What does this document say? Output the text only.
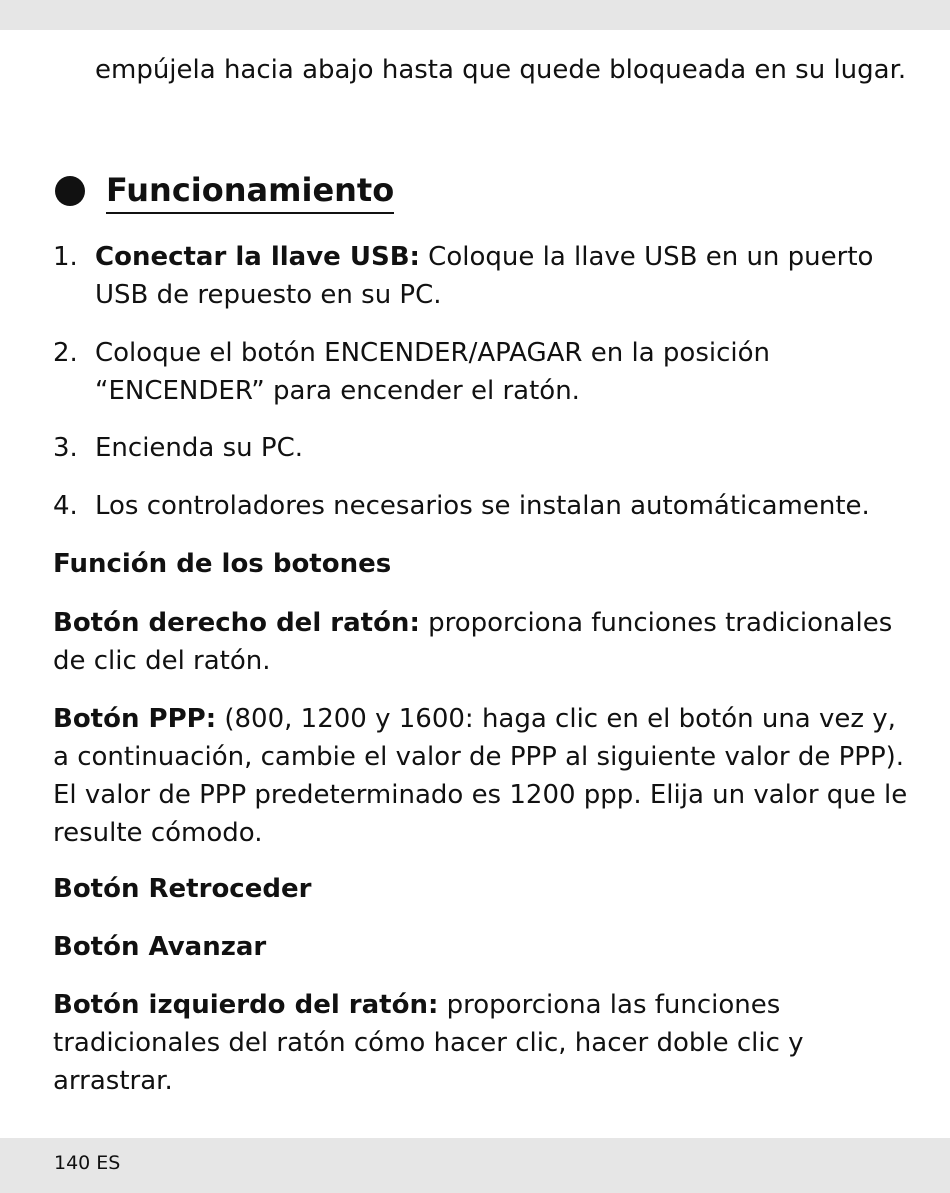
empújela hacia abajo hasta que quede bloqueada en su lugar.

Funcionamiento
1. Conectar la llave USB: Coloque la llave USB en un puerto USB de repuesto en su PC.
2. Coloque el botón ENCENDER/APAGAR en la posición “ENCENDER” para encender el ratón.
3. Encienda su PC.
4. Los controladores necesarios se instalan automáticamente.
Función de los botones

Botón derecho del ratón: proporciona funciones tradicionales de clic del ratón.

Botón PPP: (800, 1200 y 1600: haga clic en el botón una vez y, a continuación, cambie el valor de PPP al siguiente valor de PPP). El valor de PPP predeterminado es 1200 ppp. Elija un valor que le resulte cómodo.

Botón Retroceder
Botón Avanzar

Botón izquierdo del ratón: proporciona las funciones tradicionales del ratón cómo hacer clic, hacer doble clic y arrastrar.

140 ES
